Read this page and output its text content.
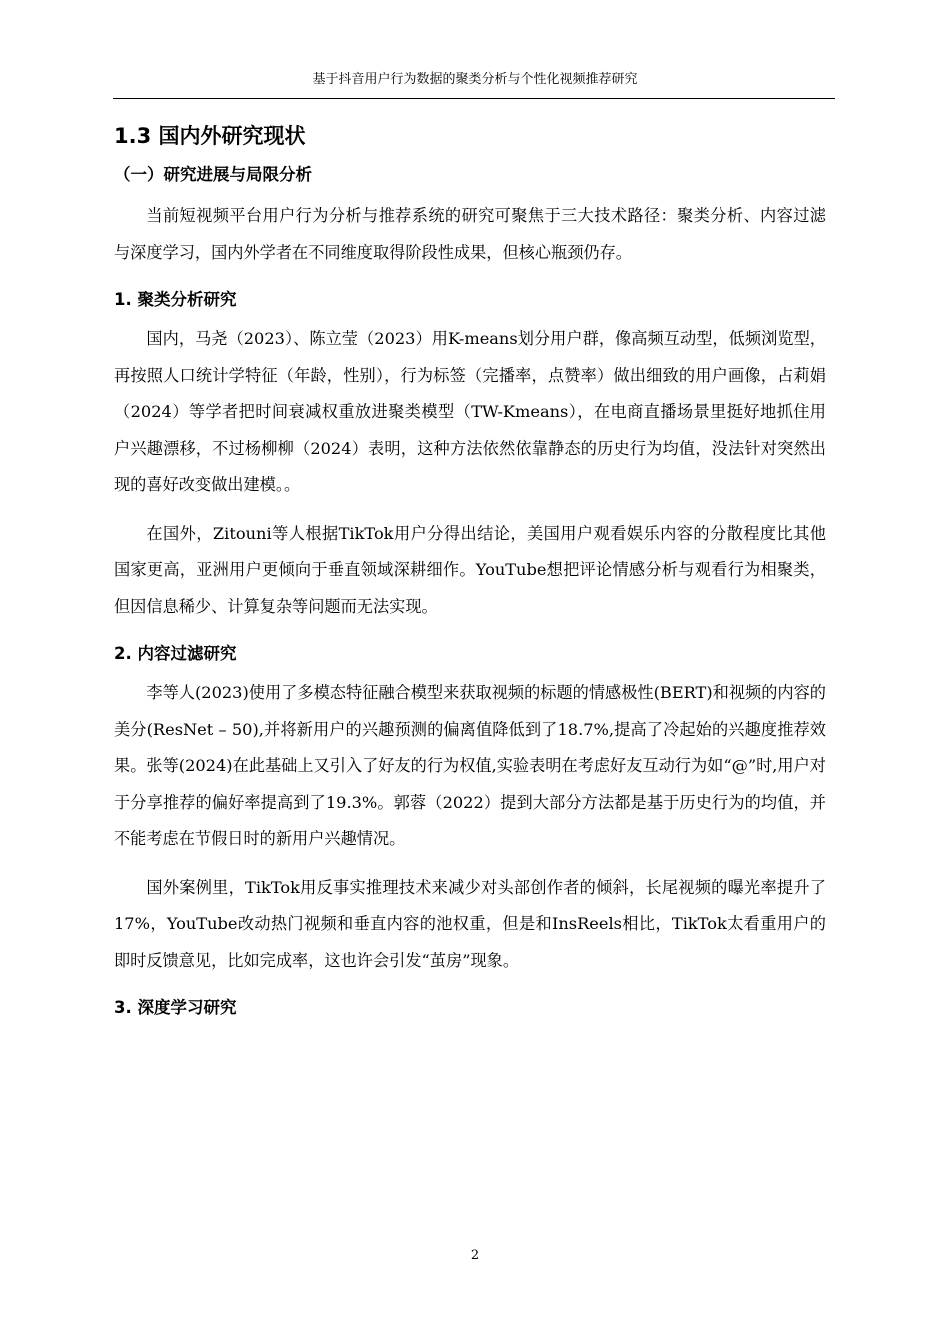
基于抖音用户行为数据的聚类分析与个性化视频推荐研究
1.3 国内外研究现状
（一）研究进展与局限分析

当前短视频平台用户行为分析与推荐系统的研究可聚焦于三大技术路径：聚类分析、内容过滤与深度学习，国内外学者在不同维度取得阶段性成果，但核心瓶颈仍存。

1. 聚类分析研究

国内，马尧（2023）、陈立莹（2023）用K-means划分用户群，像高频互动型，低频浏览型，再按照人口统计学特征（年龄，性别），行为标签（完播率，点赞率）做出细致的用户画像，占莉娟（2024）等学者把时间衰减权重放进聚类模型（TW-Kmeans），在电商直播场景里挺好地抓住用户兴趣漂移，不过杨柳柳（2024）表明，这种方法依然依靠静态的历史行为均值，没法针对突然出现的喜好改变做出建模。。

在国外，Zitouni等人根据TikTok用户分得出结论，美国用户观看娱乐内容的分散程度比其他国家更高，亚洲用户更倾向于垂直领域深耕细作。YouTube想把评论情感分析与观看行为相聚类，但因信息稀少、计算复杂等问题而无法实现。

2. 内容过滤研究

李等人(2023)使用了多模态特征融合模型来获取视频的标题的情感极性(BERT)和视频的内容的美分(ResNet – 50),并将新用户的兴趣预测的偏离值降低到了18.7%,提高了冷起始的兴趣度推荐效果。张等(2024)在此基础上又引入了好友的行为权值,实验表明在考虑好友互动行为如“@”时,用户对于分享推荐的偏好率提高到了19.3%。郭蓉（2022）提到大部分方法都是基于历史行为的均值，并不能考虑在节假日时的新用户兴趣情况。

国外案例里，TikTok用反事实推理技术来减少对头部创作者的倾斜，长尾视频的曝光率提升了17%，YouTube改动热门视频和垂直内容的池权重，但是和InsReels相比，TikTok太看重用户的即时反馈意见，比如完成率，这也许会引发“茧房”现象。

3. 深度学习研究
2
